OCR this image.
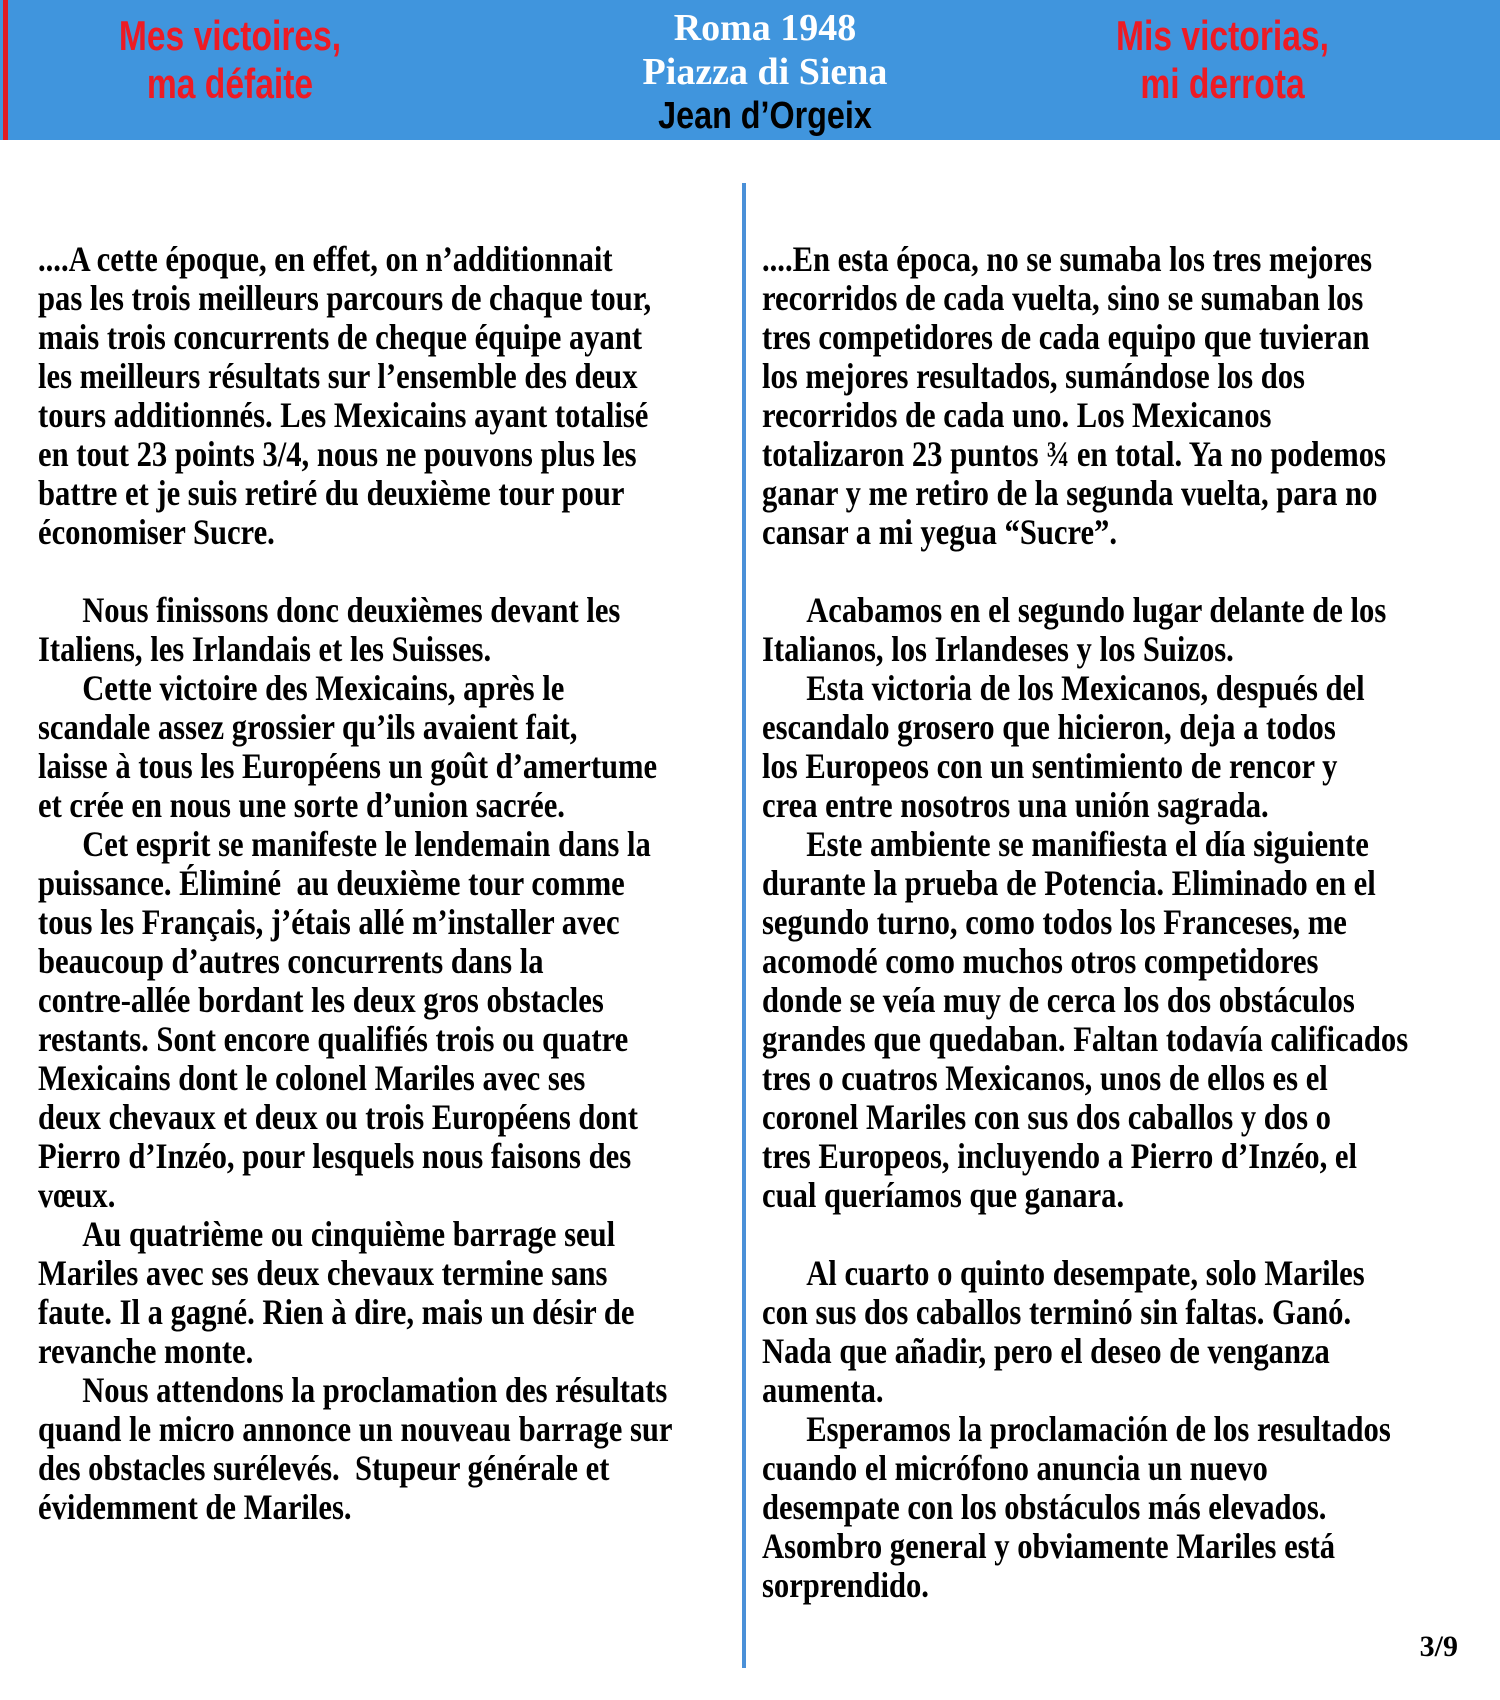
Mes victoires,
ma défaite
Roma 1948
Piazza di Siena
Jean d’Orgeix
Mis victorias,
mi derrota
....A cette époque, en effet, on n’additionnait
pas les trois meilleurs parcours de chaque tour,
mais trois concurrents de cheque équipe ayant
les meilleurs résultats sur l’ensemble des deux
tours additionnés. Les Mexicains ayant totalisé
en tout 23 points 3/4, nous ne pouvons plus les
battre et je suis retiré du deuxième tour pour
économiser Sucre.
Nous finissons donc deuxièmes devant les
Italiens, les Irlandais et les Suisses.
Cette victoire des Mexicains, après le
scandale assez grossier qu’ils avaient fait,
laisse à tous les Européens un goût d’amertume
et crée en nous une sorte d’union sacrée.
Cet esprit se manifeste le lendemain dans la
puissance. Éliminé  au deuxième tour comme
tous les Français, j’étais allé m’installer avec
beaucoup d’autres concurrents dans la
contre-allée bordant les deux gros obstacles
restants. Sont encore qualifiés trois ou quatre
Mexicains dont le colonel Mariles avec ses
deux chevaux et deux ou trois Européens dont
Pierro d’Inzéo, pour lesquels nous faisons des
vœux.
Au quatrième ou cinquième barrage seul
Mariles avec ses deux chevaux termine sans
faute. Il a gagné. Rien à dire, mais un désir de
revanche monte.
Nous attendons la proclamation des résultats
quand le micro annonce un nouveau barrage sur
des obstacles surélevés.  Stupeur générale et
évidemment de Mariles.
....En esta época, no se sumaba los tres mejores
recorridos de cada vuelta, sino se sumaban los
tres competidores de cada equipo que tuvieran
los mejores resultados, sumándose los dos
recorridos de cada uno. Los Mexicanos
totalizaron 23 puntos ¾ en total. Ya no podemos
ganar y me retiro de la segunda vuelta, para no
cansar a mi yegua “Sucre”.
Acabamos en el segundo lugar delante de los
Italianos, los Irlandeses y los Suizos.
Esta victoria de los Mexicanos, después del
escandalo grosero que hicieron, deja a todos
los Europeos con un sentimiento de rencor y
crea entre nosotros una unión sagrada.
Este ambiente se manifiesta el día siguiente
durante la prueba de Potencia. Eliminado en el
segundo turno, como todos los Franceses, me
acomodé como muchos otros competidores
donde se veía muy de cerca los dos obstáculos
grandes que quedaban. Faltan todavía calificados
tres o cuatros Mexicanos, unos de ellos es el
coronel Mariles con sus dos caballos y dos o
tres Europeos, incluyendo a Pierro d’Inzéo, el
cual queríamos que ganara.
Al cuarto o quinto desempate, solo Mariles
con sus dos caballos terminó sin faltas. Ganó.
Nada que añadir, pero el deseo de venganza
aumenta.
Esperamos la proclamación de los resultados
cuando el micrófono anuncia un nuevo
desempate con los obstáculos más elevados.
Asombro general y obviamente Mariles está
sorprendido.
3/9
